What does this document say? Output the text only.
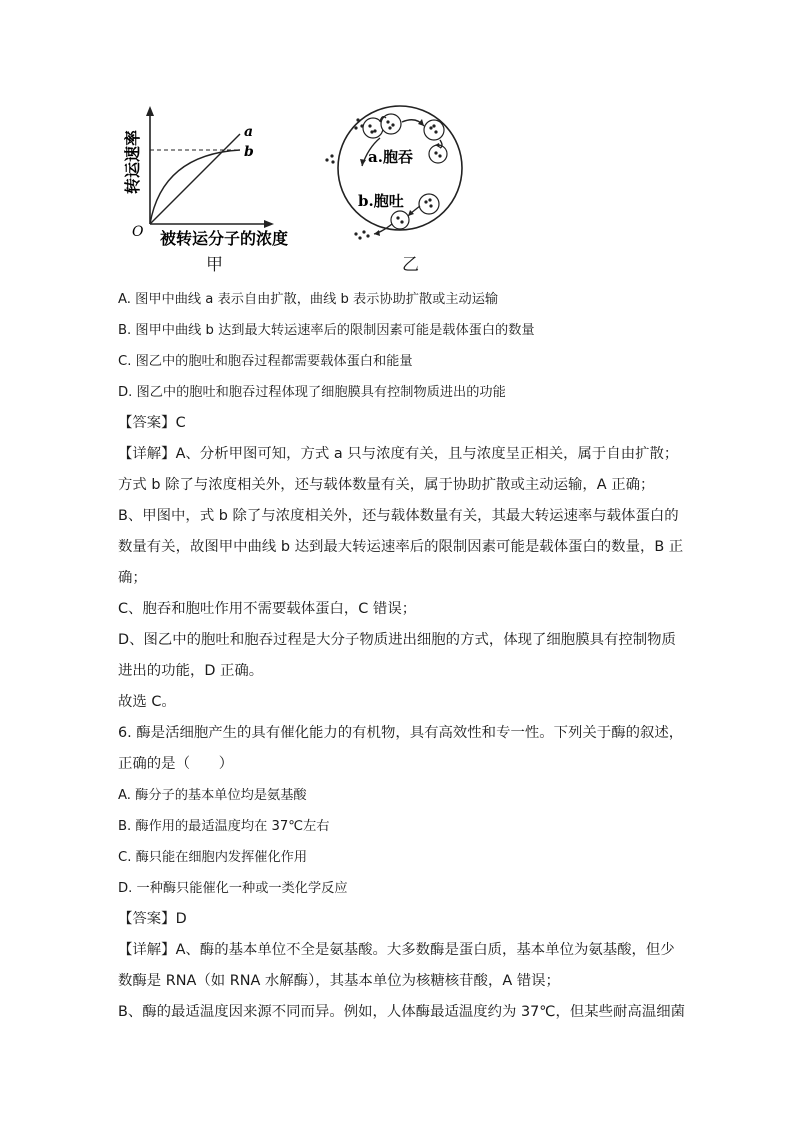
a
b
O 被转运分子的浓度
转运速率	a.胞吞
b.胞吐
甲	乙
A. 图甲中曲线 a 表示自由扩散，曲线 b 表示协助扩散或主动运输
B. 图甲中曲线 b 达到最大转运速率后的限制因素可能是载体蛋白的数量
C. 图乙中的胞吐和胞吞过程都需要载体蛋白和能量
D. 图乙中的胞吐和胞吞过程体现了细胞膜具有控制物质进出的功能
【答案】C
【详解】A、分析甲图可知，方式 a 只与浓度有关，且与浓度呈正相关，属于自由扩散；
方式 b 除了与浓度相关外，还与载体数量有关，属于协助扩散或主动运输，A 正确；
B、甲图中，式 b 除了与浓度相关外，还与载体数量有关，其最大转运速率与载体蛋白的
数量有关，故图甲中曲线 b 达到最大转运速率后的限制因素可能是载体蛋白的数量，B 正
确；
C、胞吞和胞吐作用不需要载体蛋白，C 错误；
D、图乙中的胞吐和胞吞过程是大分子物质进出细胞的方式，体现了细胞膜具有控制物质
进出的功能，D 正确。
故选 C。
6. 酶是活细胞产生的具有催化能力的有机物，具有高效性和专一性。下列关于酶的叙述，
正确的是（　　）
A. 酶分子的基本单位均是氨基酸
B. 酶作用的最适温度均在 37℃左右
C. 酶只能在细胞内发挥催化作用
D. 一种酶只能催化一种或一类化学反应
【答案】D
【详解】A、酶的基本单位不全是氨基酸。大多数酶是蛋白质，基本单位为氨基酸，但少
数酶是 RNA（如 RNA 水解酶），其基本单位为核糖核苷酸，A 错误；
B、酶的最适温度因来源不同而异。例如，人体酶最适温度约为 37℃，但某些耐高温细菌
